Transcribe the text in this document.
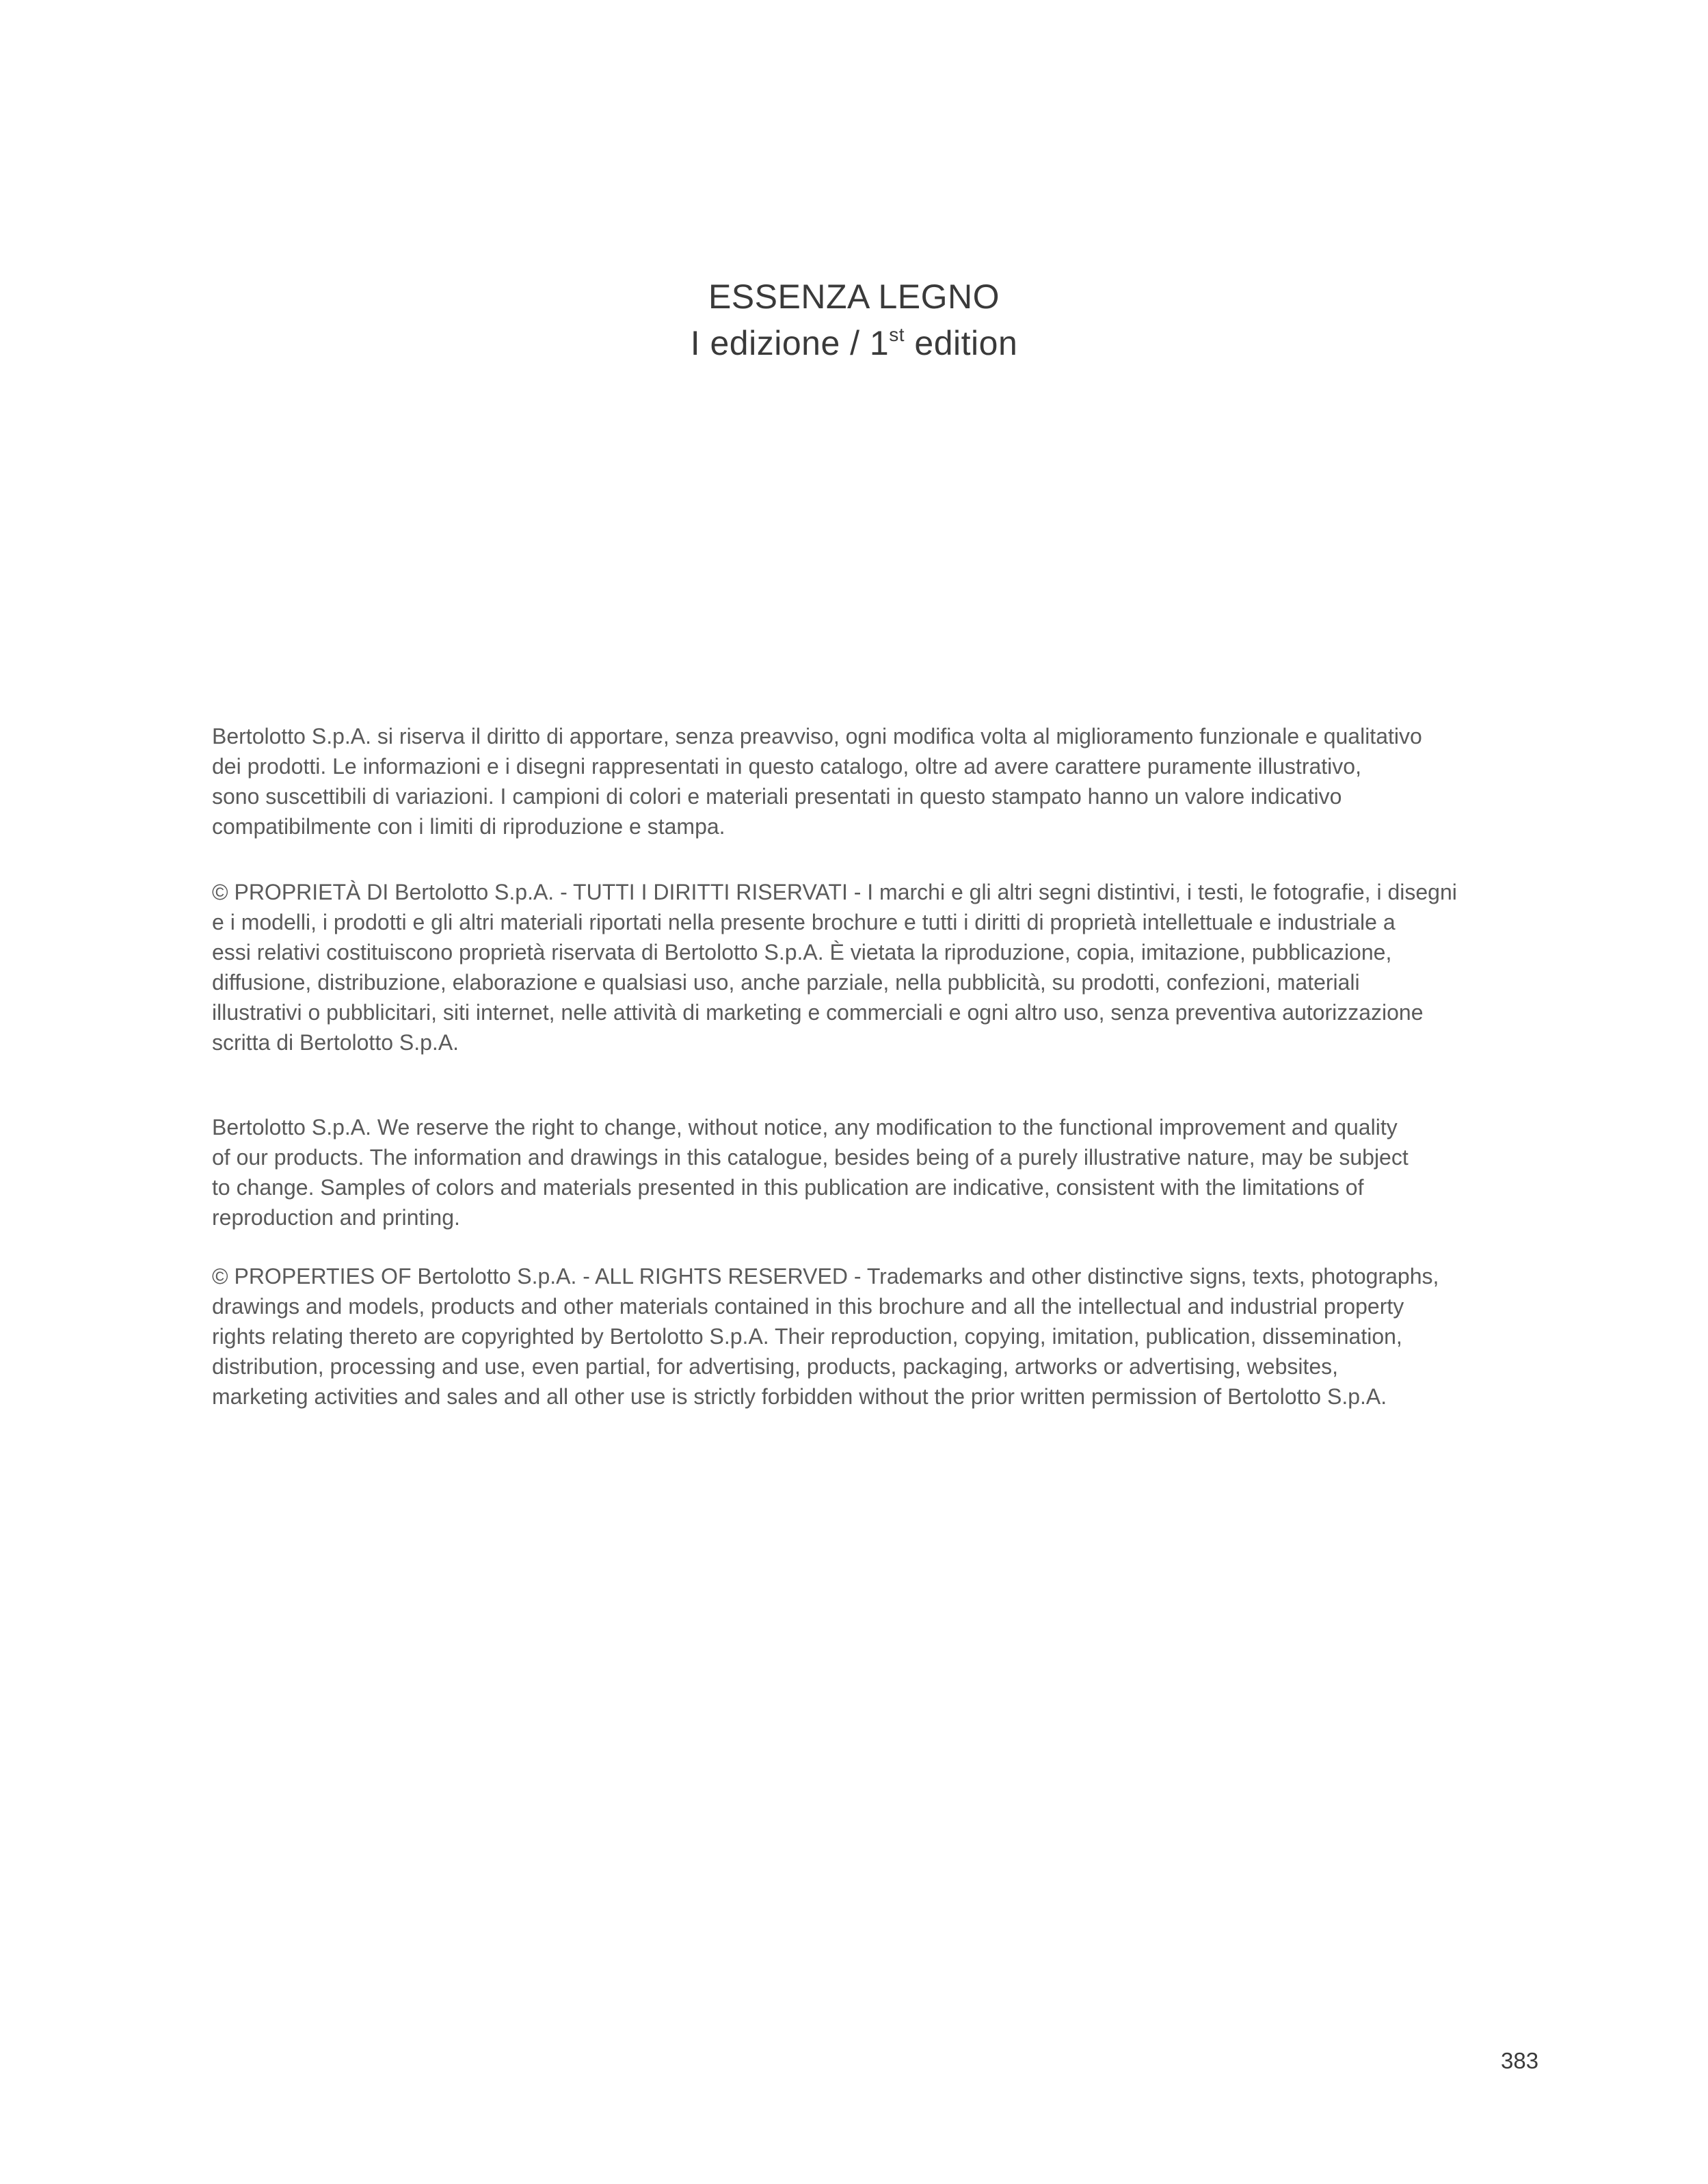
ESSENZA LEGNO
I edizione / 1st edition

Bertolotto S.p.A. si riserva il diritto di apportare, senza preavviso, ogni modifica volta al miglioramento funzionale e qualitativo
dei prodotti. Le informazioni e i disegni rappresentati in questo catalogo, oltre ad avere carattere puramente illustrativo,
sono suscettibili di variazioni. I campioni di colori e materiali presentati in questo stampato hanno un valore indicativo
compatibilmente con i limiti di riproduzione e stampa.

© PROPRIETÀ DI Bertolotto S.p.A. - TUTTI I DIRITTI RISERVATI - I marchi e gli altri segni distintivi, i testi, le fotografie, i disegni
e i modelli, i prodotti e gli altri materiali riportati nella presente brochure e tutti i diritti di proprietà intellettuale e industriale a
essi relativi costituiscono proprietà riservata di Bertolotto S.p.A. È vietata la riproduzione, copia, imitazione, pubblicazione,
diffusione, distribuzione, elaborazione e qualsiasi uso, anche parziale, nella pubblicità, su prodotti, confezioni, materiali
illustrativi o pubblicitari, siti internet, nelle attività di marketing e commerciali e ogni altro uso, senza preventiva autorizzazione
scritta di Bertolotto S.p.A.

Bertolotto S.p.A. We reserve the right to change, without notice, any modification to the functional improvement and quality
of our products. The information and drawings in this catalogue, besides being of a purely illustrative nature, may be subject
to change. Samples of colors and materials presented in this publication are indicative, consistent with the limitations of
reproduction and printing.

© PROPERTIES OF Bertolotto S.p.A. - ALL RIGHTS RESERVED - Trademarks and other distinctive signs, texts, photographs,
drawings and models, products and other materials contained in this brochure and all the intellectual and industrial property
rights relating thereto are copyrighted by Bertolotto S.p.A. Their reproduction, copying, imitation, publication, dissemination,
distribution, processing and use, even partial, for advertising, products, packaging, artworks or advertising, websites,
marketing activities and sales and all other use is strictly forbidden without the prior written permission of Bertolotto S.p.A.

383
